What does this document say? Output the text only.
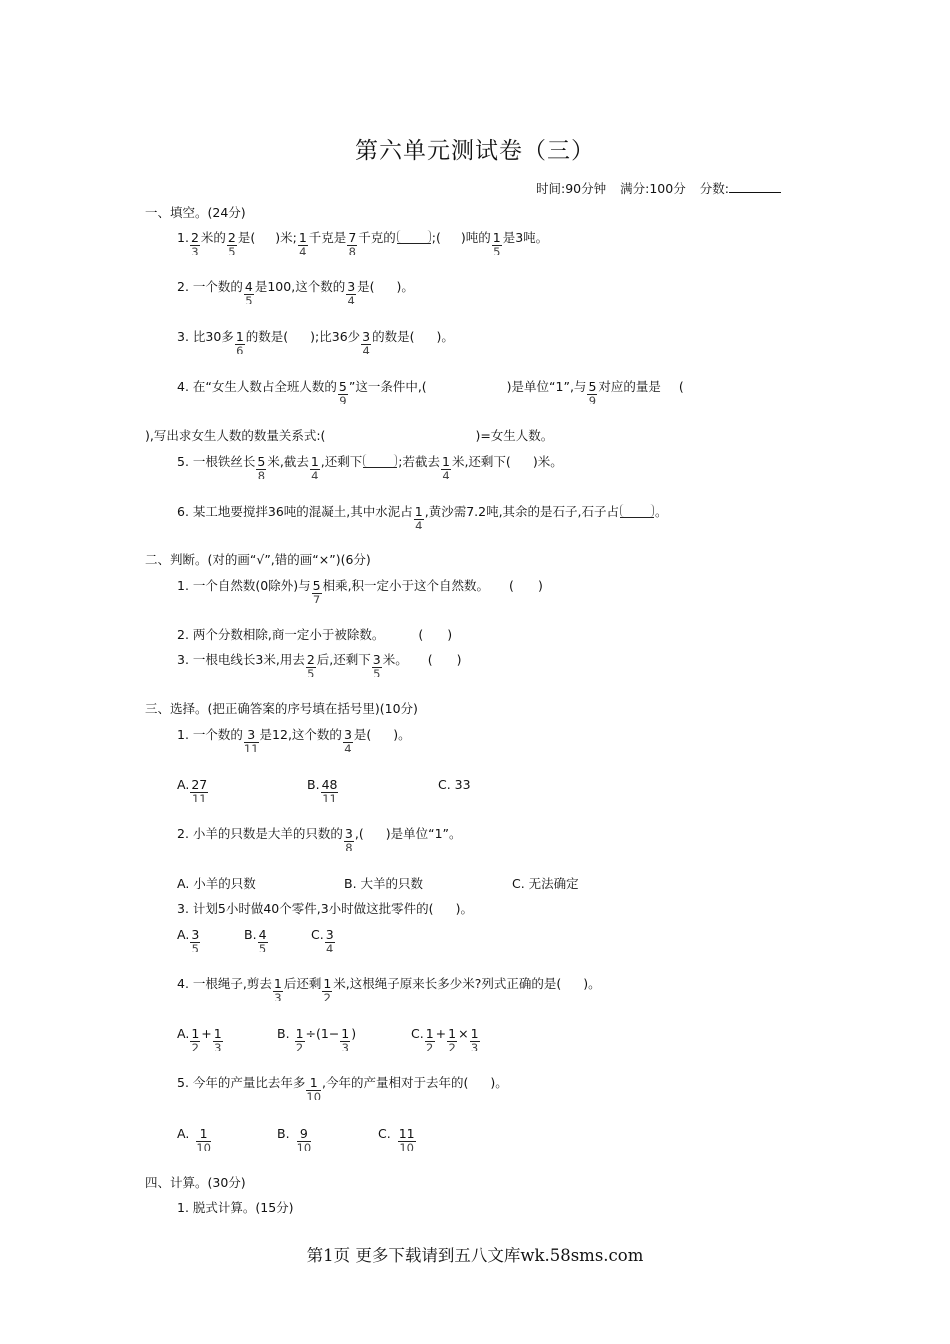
第六单元测试卷（三）
时间:90分钟 满分:100分 分数:
一、填空。(24分)
1. $\frac{2}{3}$ 米的 $\frac{2}{5}$ 是( )米; $\frac{1}{4}$ 千克是 $\frac{7}{8}$ 千克的	;( )吨的 $\frac{1}{5}$ 是3吨。
2. 一个数的 $\frac{4}{5}$ 是100,这个数的 $\frac{3}{4}$ 是( )。
3. 比30多 $\frac{1}{6}$ 的数是( );比36少 $\frac{3}{4}$ 的数是( )。
4. 在“女生人数占全班人数的 $\frac{5}{9}$ ”这一条件中,(	)是单位“1”,与 $\frac{5}{9}$ 对应的量是 (
),写出求女生人数的数量关系式:(	)=女生人数。
5. 一根铁丝长 $\frac{5}{8}$ 米,截去 $\frac{1}{4}$ ,还剩下	;若截去 $\frac{1}{4}$ 米,还剩下( )米。
6. 某工地要搅拌36吨的混凝土,其中水泥占 $\frac{1}{4}$ ,黄沙需7.2吨,其余的是石子,石子占	。
二、判断。(对的画“√”,错的画“×”)(6分)
1. 一个自然数(0除外)与 $\frac{5}{7}$ 相乘,积一定小于这个自然数。 ( )
2. 两个分数相除,商一定小于被除数。	( )
3. 一根电线长3米,用去 $\frac{2}{5}$ 后,还剩下 $\frac{3}{5}$ 米。 ( )
三、选择。(把正确答案的序号填在括号里)(10分)
1. 一个数的 $\frac{3}{11}$ 是12,这个数的 $\frac{3}{4}$ 是( )。
A. $\frac{27}{11}$	B. $\frac{48}{11}$	C. 33
2. 小羊的只数是大羊的只数的 $\frac{3}{8}$ ,( )是单位“1”。
A. 小羊的只数	B. 大羊的只数	C. 无法确定
3. 计划5小时做40个零件,3小时做这批零件的( )。
A. $\frac{3}{5}$	B. $\frac{4}{5}$	C. $\frac{3}{4}$
4. 一根绳子,剪去 $\frac{1}{3}$ 后还剩 $\frac{1}{2}$ 米,这根绳子原来长多少米?列式正确的是( )。
A. $\frac{1}{2} + \frac{1}{3}$	B. $\frac{1}{2} \div(1- \frac{1}{3}$ )	C. $\frac{1}{2} + \frac{1}{2} \times \frac{1}{3}$
5. 今年的产量比去年多 $\frac{1}{10}$ ,今年的产量相对于去年的( )。
A. $\frac{1}{10}$	B. $\frac{9}{10}$	C. $\frac{11}{10}$
四、计算。(30分)
1. 脱式计算。(15分)
第1页 更多下载请到五八文库wk.58sms.com
